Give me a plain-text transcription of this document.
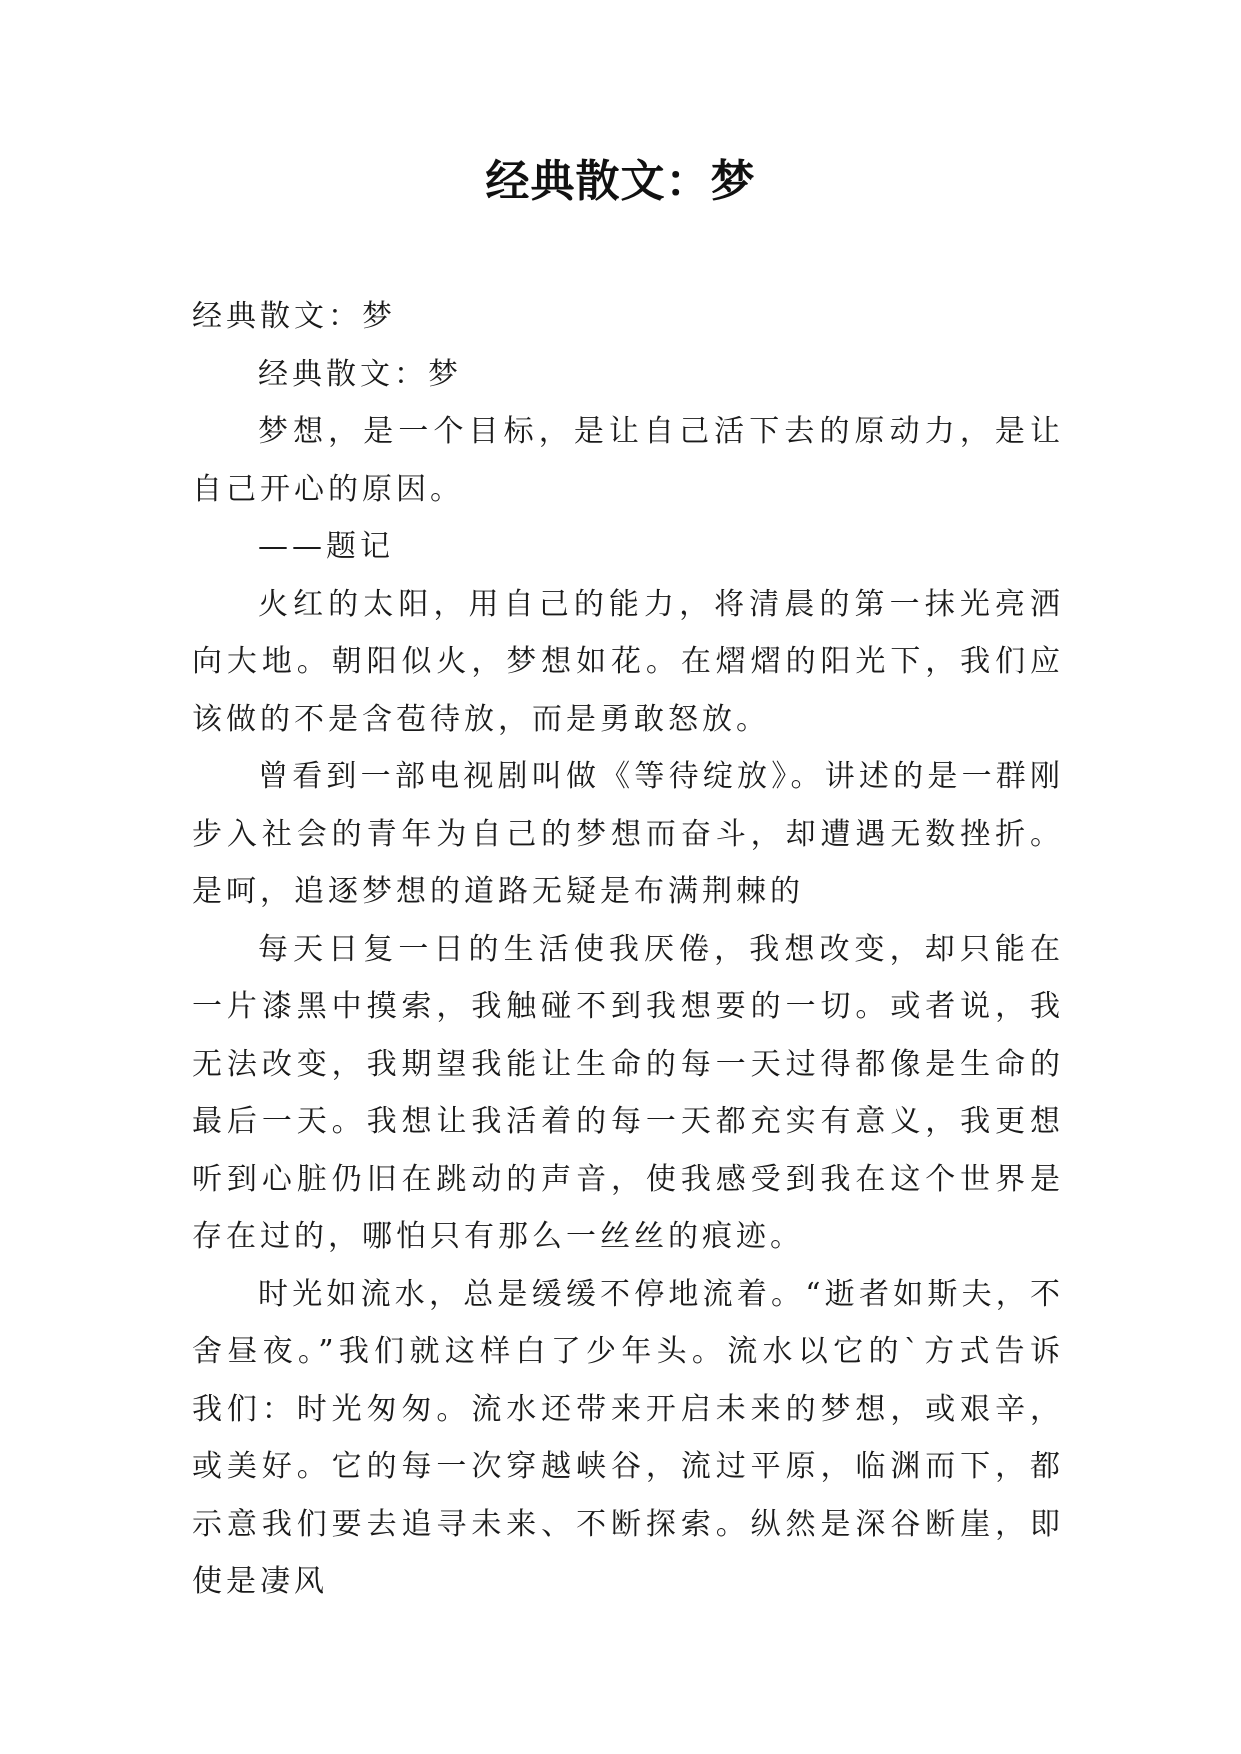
经典散文：梦

经典散文：梦

经典散文：梦

梦想，是一个目标，是让自己活下去的原动力，是让自己开心的原因。

——题记

火红的太阳，用自己的能力，将清晨的第一抹光亮洒向大地。朝阳似火，梦想如花。在熠熠的阳光下，我们应该做的不是含苞待放，而是勇敢怒放。

曾看到一部电视剧叫做《等待绽放》。讲述的是一群刚步入社会的青年为自己的梦想而奋斗，却遭遇无数挫折。是呵，追逐梦想的道路无疑是布满荆棘的

每天日复一日的生活使我厌倦，我想改变，却只能在一片漆黑中摸索，我触碰不到我想要的一切。或者说，我无法改变，我期望我能让生命的每一天过得都像是生命的最后一天。我想让我活着的每一天都充实有意义，我更想听到心脏仍旧在跳动的声音，使我感受到我在这个世界是存在过的，哪怕只有那么一丝丝的痕迹。

时光如流水，总是缓缓不停地流着。“逝者如斯夫，不舍昼夜。”我们就这样白了少年头。流水以它的`方式告诉我们：时光匆匆。流水还带来开启未来的梦想，或艰辛，或美好。它的每一次穿越峡谷，流过平原，临渊而下，都示意我们要去追寻未来、不断探索。纵然是深谷断崖，即使是凄风
